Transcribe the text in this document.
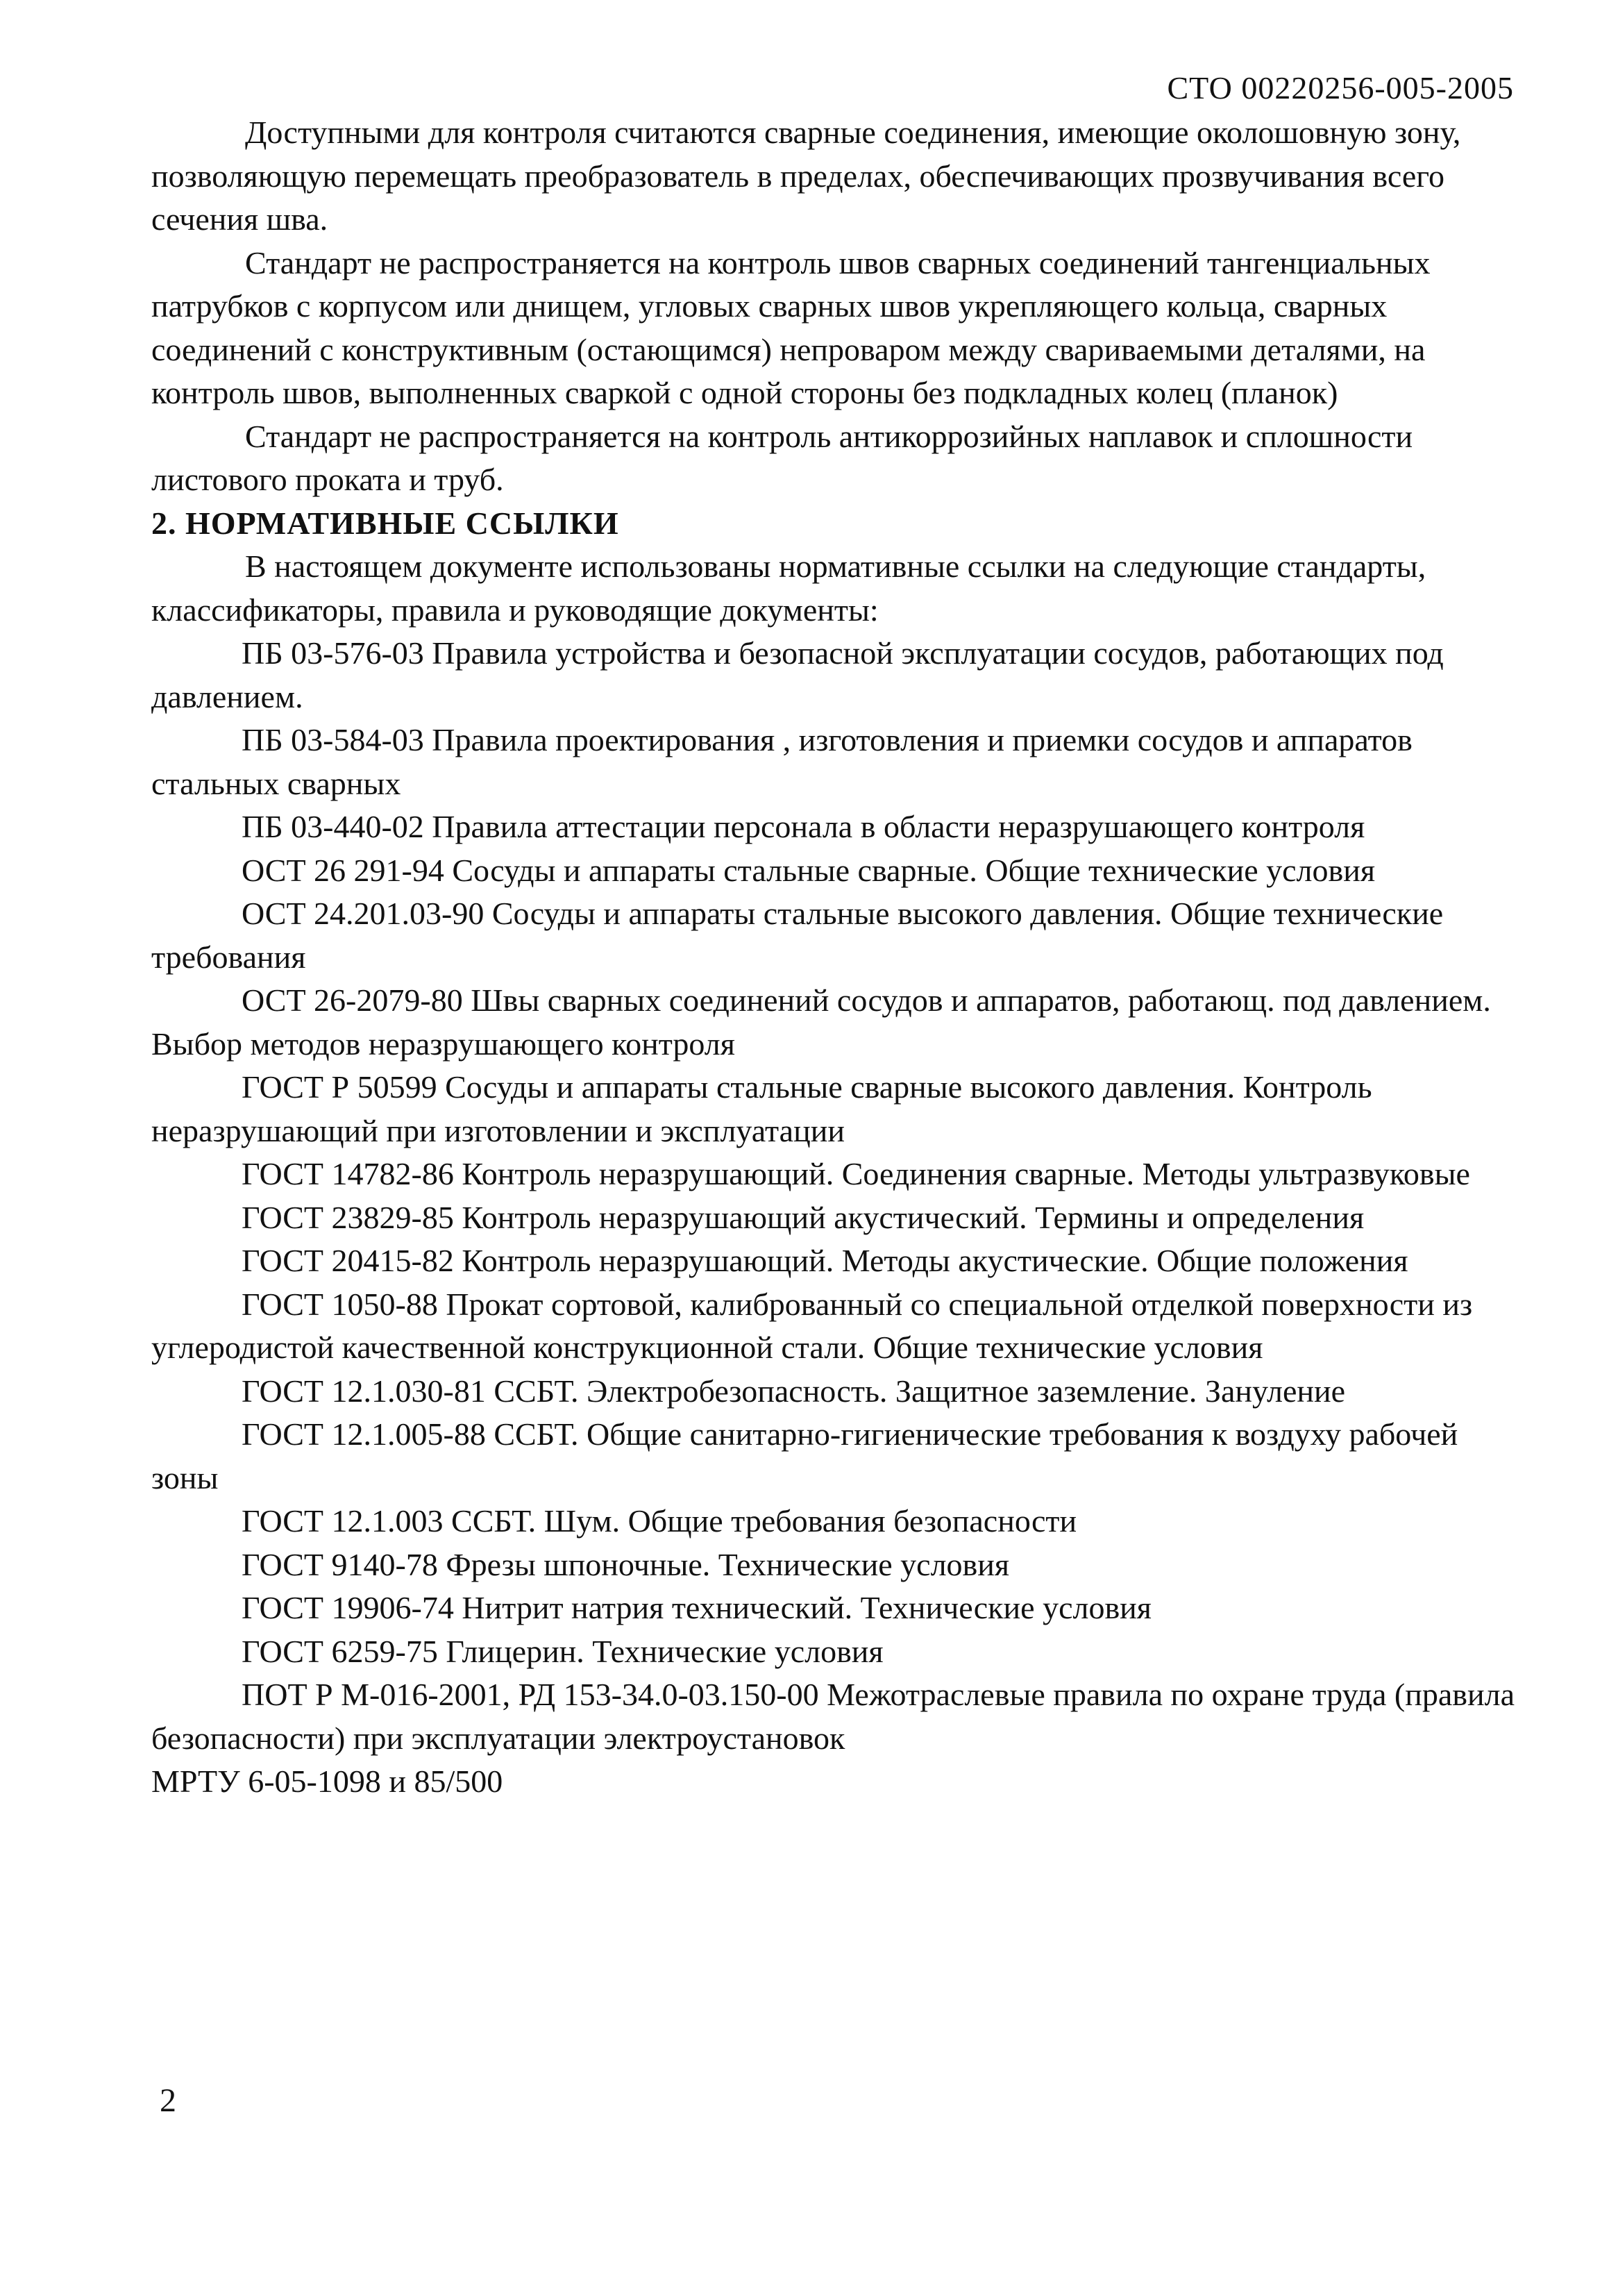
СТО 00220256-005-2005

Доступными для контроля считаются сварные соединения, имеющие околошовную зону, позволяющую перемещать преобразователь в пределах, обеспечивающих прозвучивания всего сечения шва.

Стандарт не распространяется на контроль швов сварных соединений тангенциальных патрубков с корпусом или днищем, угловых сварных швов укрепляющего кольца, сварных соединений с конструктивным (остающимся) непроваром между свариваемыми деталями, на контроль швов, выполненных сваркой с одной стороны без подкладных колец (планок)

Стандарт не распространяется на контроль антикоррозийных наплавок и сплошности листового проката и труб.

2. НОРМАТИВНЫЕ ССЫЛКИ

В настоящем документе использованы нормативные ссылки на следующие стандарты, классификаторы, правила и руководящие документы:

ПБ 03-576-03 Правила устройства и безопасной эксплуатации сосудов, работающих под давлением.

ПБ 03-584-03 Правила проектирования , изготовления и приемки сосудов и аппаратов стальных сварных

ПБ 03-440-02 Правила аттестации персонала в области неразрушающего контроля

ОСТ 26 291-94 Сосуды и аппараты стальные сварные. Общие технические условия

ОСТ 24.201.03-90 Сосуды и аппараты стальные высокого давления. Общие технические требования

ОСТ 26-2079-80 Швы сварных соединений сосудов и аппаратов, работающ. под давлением. Выбор методов неразрушающего контроля

ГОСТ Р 50599 Сосуды и аппараты стальные сварные высокого давления. Контроль неразрушающий при изготовлении и эксплуатации

ГОСТ 14782-86 Контроль неразрушающий. Соединения сварные. Методы ультразвуковые

ГОСТ 23829-85 Контроль неразрушающий акустический. Термины и определения

ГОСТ 20415-82 Контроль неразрушающий. Методы акустические. Общие положения

ГОСТ 1050-88 Прокат сортовой, калиброванный со специальной отделкой поверхности из углеродистой качественной конструкционной стали. Общие технические условия

ГОСТ 12.1.030-81 ССБТ. Электробезопасность. Защитное заземление. Зануление

ГОСТ 12.1.005-88 ССБТ. Общие санитарно-гигиенические требования к воздуху рабочей зоны

ГОСТ 12.1.003 ССБТ. Шум. Общие требования безопасности

ГОСТ 9140-78 Фрезы шпоночные. Технические условия

ГОСТ 19906-74 Нитрит натрия технический. Технические условия

ГОСТ 6259-75 Глицерин. Технические условия

ПОТ Р М-016-2001, РД 153-34.0-03.150-00 Межотраслевые правила по охране труда (правила безопасности) при эксплуатации электроустановок

МРТУ 6-05-1098 и 85/500

2
